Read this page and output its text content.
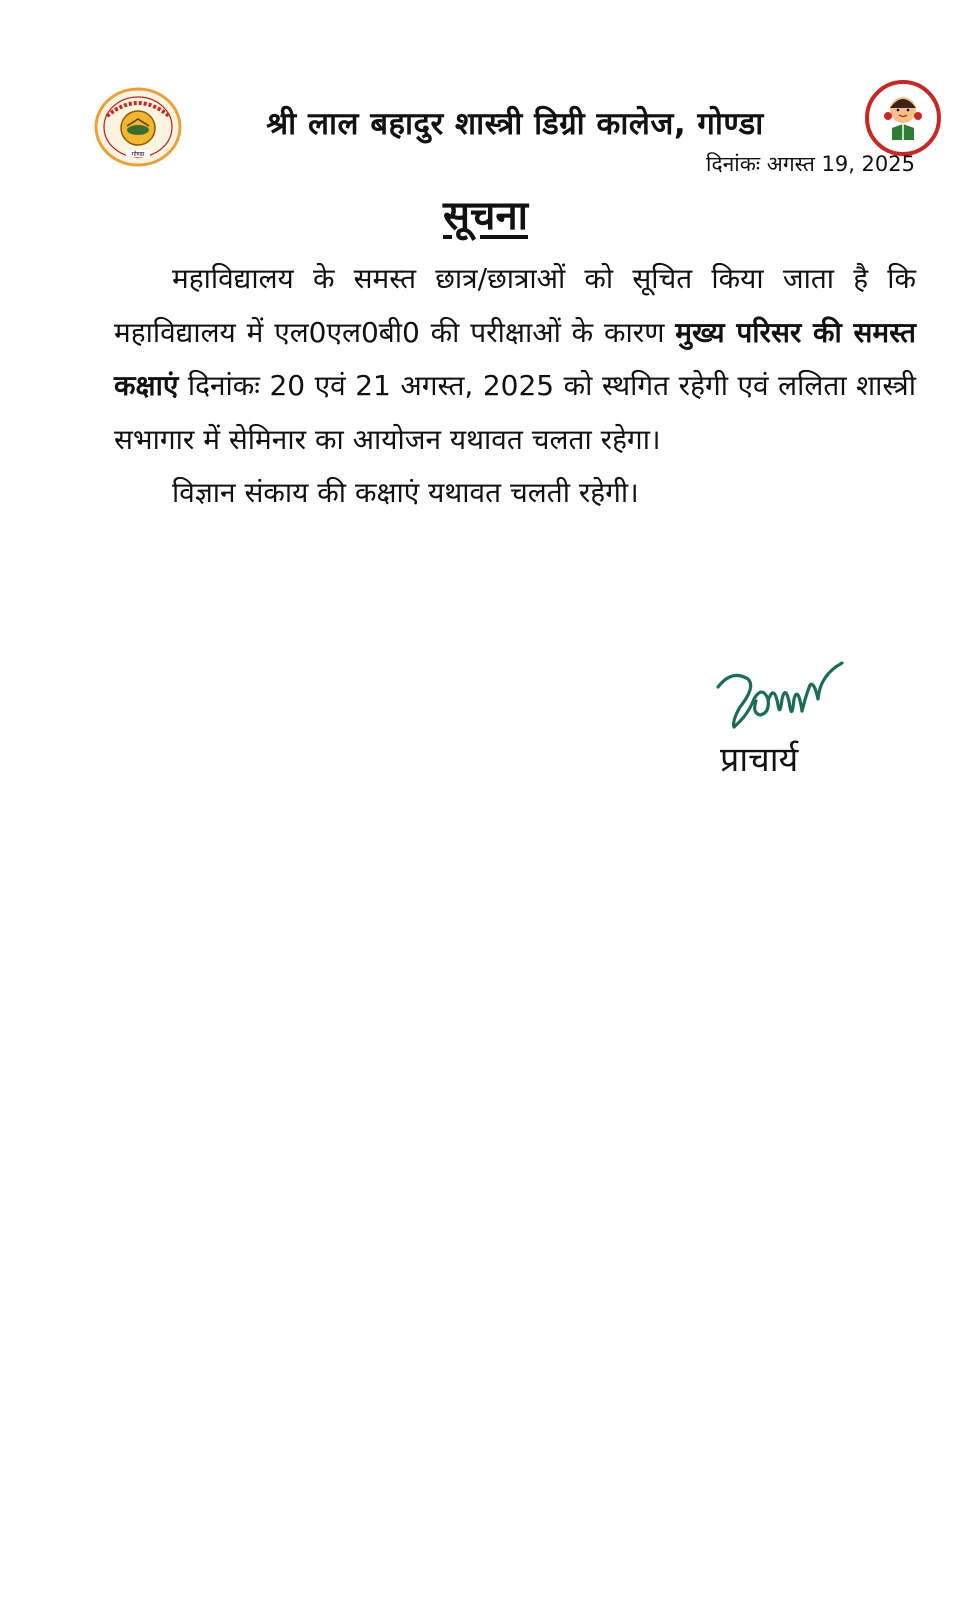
गोण्डा
श्री लाल बहादुर शास्त्री डिग्री कालेज, गोण्डा
दिनांकः अगस्त 19, 2025
सूचना

महाविद्यालय के समस्त छात्र/छात्राओं को सूचित किया जाता है कि महाविद्यालय में एल0एल0बी0 की परीक्षाओं के कारण मुख्य परिसर की समस्त कक्षाएं दिनांकः 20 एवं 21 अगस्त, 2025 को स्थगित रहेगी एवं ललिता शास्त्री सभागार में सेमिनार का आयोजन यथावत चलता रहेगा।

विज्ञान संकाय की कक्षाएं यथावत चलती रहेगी।

प्राचार्य
